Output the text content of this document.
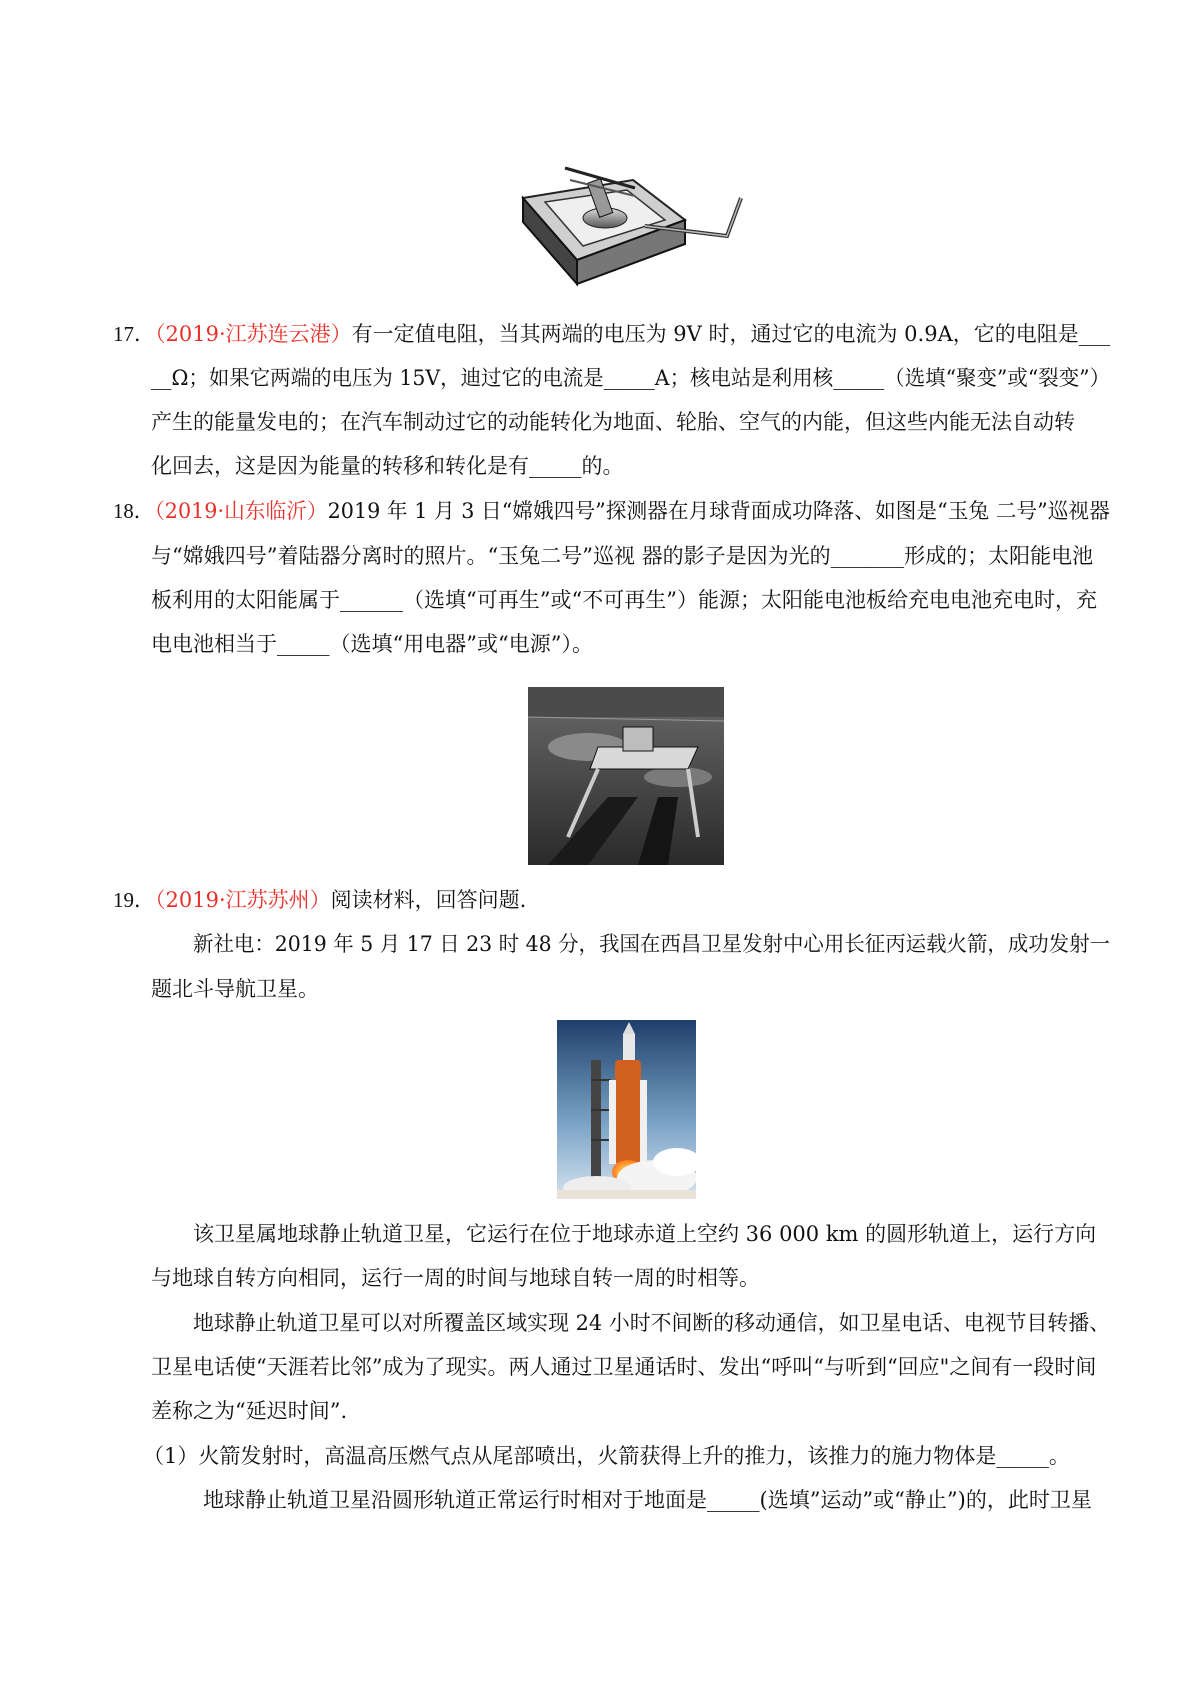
17．（2019·江苏连云港）有一定值电阻，当其两端的电压为 9V 时，通过它的电流为 0.9A，它的电阻是___
__Ω；如果它两端的电压为 15V，迪过它的电流是_____A；核电站是利用核_____（选填“聚变”或“裂变”）
产生的能量发电的；在汽车制动过它的动能转化为地面、轮胎、空气的内能，但这些内能无法自动转
化回去，这是因为能量的转移和转化是有_____的。
18．（2019·山东临沂）2019 年 1 月 3 日“嫦娥四号”探测器在月球背面成功降落、如图是“玉兔 二号”巡视器
与“嫦娥四号”着陆器分离时的照片。“玉兔二号”巡视 器的影子是因为光的_______形成的；太阳能电池
板利用的太阳能属于______（选填“可再生”或“不可再生”）能源；太阳能电池板给充电电池充电时，充
电电池相当于_____（选填“用电器”或“电源”）。
19．（2019·江苏苏州）阅读材料，回答问题.
新社电：2019 年 5 月 17 日 23 时 48 分，我国在西昌卫星发射中心用长征丙运载火箭，成功发射一
题北斗导航卫星。
该卫星属地球静止轨道卫星，它运行在位于地球赤道上空约 36 000 km 的圆形轨道上，运行方向
与地球自转方向相同，运行一周的时间与地球自转一周的时相等。
地球静止轨道卫星可以对所覆盖区域实现 24 小时不间断的移动通信，如卫星电话、电视节目转播、
卫星电话使“天涯若比邻”成为了现实。两人通过卫星通话时、发出“呼叫“与听到“回应"之间有一段时间
差称之为“延迟时间”.
（1）火箭发射时，高温高压燃气点从尾部喷出，火箭获得上升的推力，该推力的施力物体是_____。
地球静止轨道卫星沿圆形轨道正常运行时相对于地面是_____(选填”运动”或“静止”)的，此时卫星
